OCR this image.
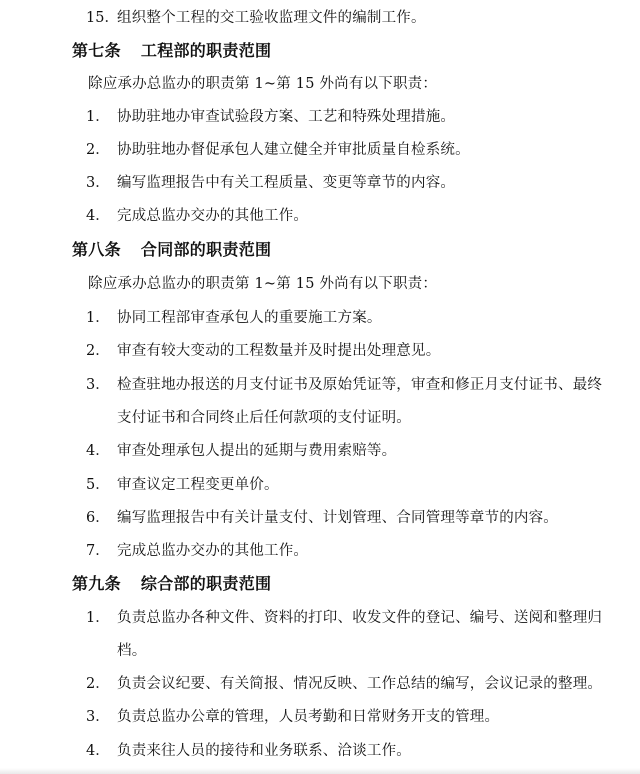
15．
组织整个工程的交工验收监理文件的编制工作。
第七条 工程部的职责范围
除应承办总监办的职责第 1~第 15 外尚有以下职责：
1． 协助驻地办审查试验段方案、工艺和特殊处理措施。
2． 协助驻地办督促承包人建立健全并审批质量自检系统。
3． 编写监理报告中有关工程质量、变更等章节的内容。
4． 完成总监办交办的其他工作。
第八条 合同部的职责范围
除应承办总监办的职责第 1~第 15 外尚有以下职责：
1． 协同工程部审查承包人的重要施工方案。
2． 审查有较大变动的工程数量并及时提出处理意见。
3． 检查驻地办报送的月支付证书及原始凭证等，审查和修正月支付证书、最终
支付证书和合同终止后任何款项的支付证明。
4． 审查处理承包人提出的延期与费用索赔等。
5． 审查议定工程变更单价。
6． 编写监理报告中有关计量支付、计划管理、合同管理等章节的内容。
7． 完成总监办交办的其他工作。
第九条 综合部的职责范围
1． 负责总监办各种文件、资料的打印、收发文件的登记、编号、送阅和整理归
档。
2． 负责会议纪要、有关简报、情况反映、工作总结的编写，会议记录的整理。
3． 负责总监办公章的管理，人员考勤和日常财务开支的管理。
4． 负责来往人员的接待和业务联系、洽谈工作。
